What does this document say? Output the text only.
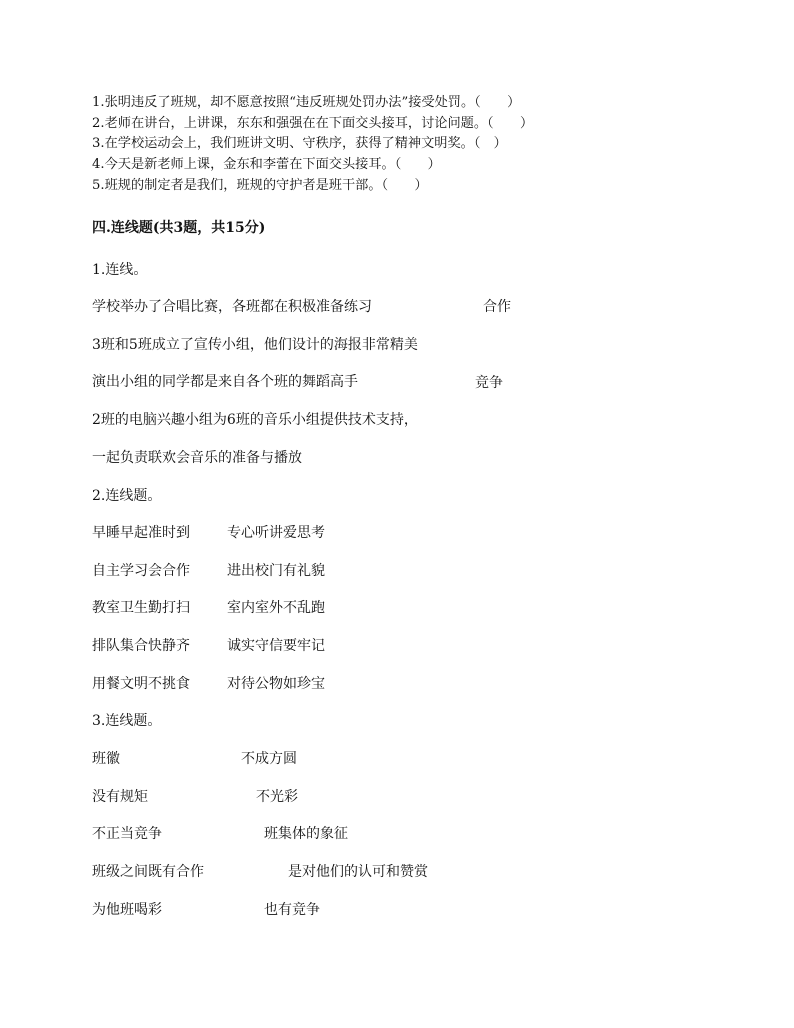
1.张明违反了班规，却不愿意按照“违反班规处罚办法”接受处罚。（　　）
2.老师在讲台，上讲课，东东和强强在在下面交头接耳，讨论问题。（　　）
3.在学校运动会上，我们班讲文明、守秩序，获得了精神文明奖。（　）
4.今天是新老师上课，金东和李蕾在下面交头接耳。（　　）
5.班规的制定者是我们，班规的守护者是班干部。（　　）
四.连线题(共3题，共15分)
1.连线。
学校举办了合唱比赛，各班都在积极准备练习	合作
3班和5班成立了宣传小组，他们设计的海报非常精美
演出小组的同学都是来自各个班的舞蹈高手	竞争
2班的电脑兴趣小组为6班的音乐小组提供技术支持，
一起负责联欢会音乐的准备与播放
2.连线题。
早睡早起准时到	专心听讲爱思考
自主学习会合作	进出校门有礼貌
教室卫生勤打扫	室内室外不乱跑
排队集合快静齐	诚实守信要牢记
用餐文明不挑食	对待公物如珍宝
3.连线题。
班徽	不成方圆
没有规矩	不光彩
不正当竞争	班集体的象征
班级之间既有合作	是对他们的认可和赞赏
为他班喝彩	也有竞争
